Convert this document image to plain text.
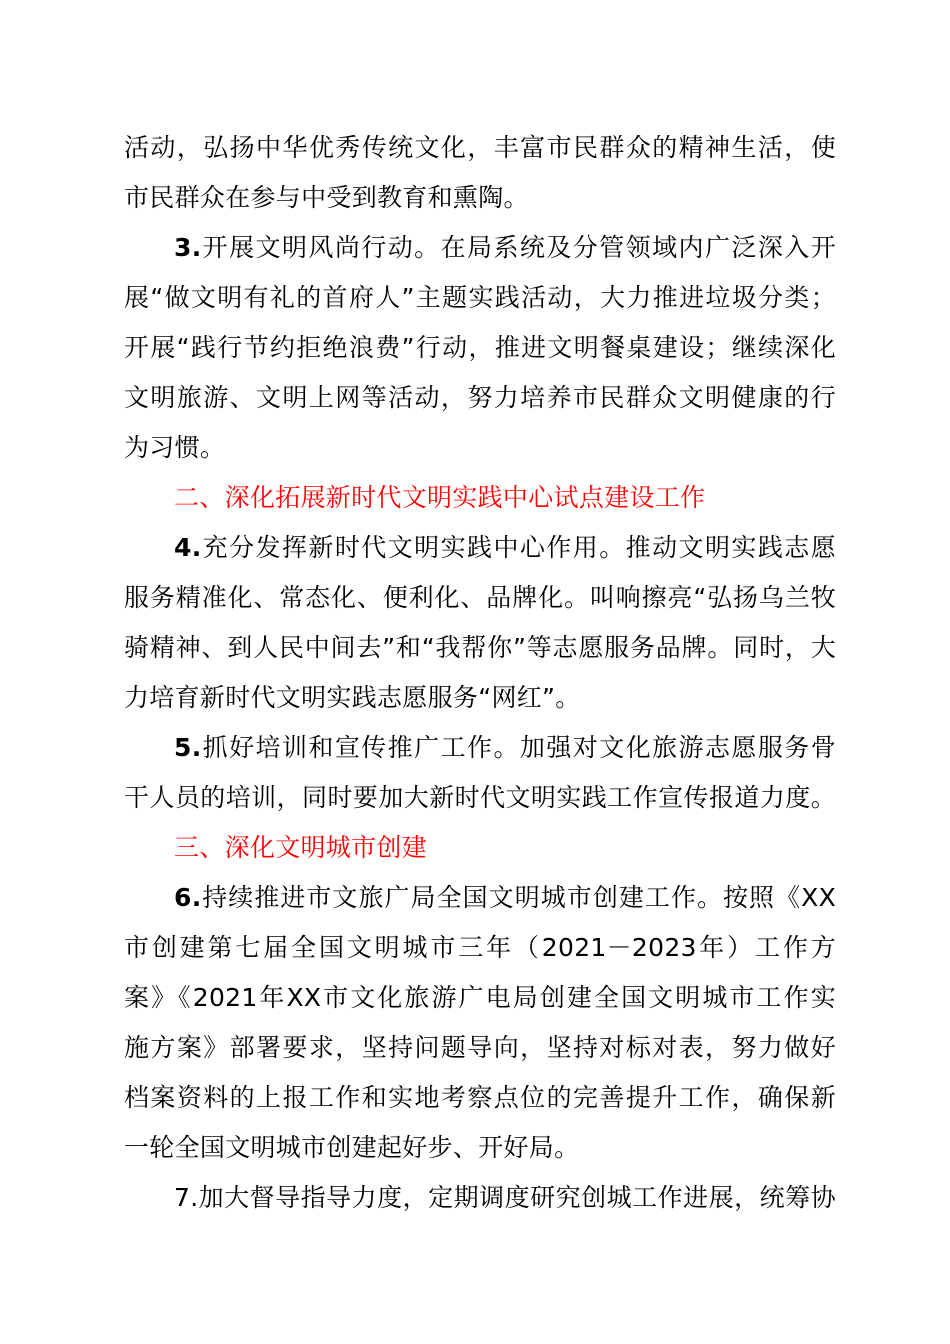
活动，弘扬中华优秀传统文化，丰富市民群众的精神生活，使
市民群众在参与中受到教育和熏陶。
3.开展文明风尚行动。在局系统及分管领域内广泛深入开
展“做文明有礼的首府人”主题实践活动，大力推进垃圾分类；
开展“践行节约拒绝浪费”行动，推进文明餐桌建设；继续深化
文明旅游、文明上网等活动，努力培养市民群众文明健康的行
为习惯。
二、深化拓展新时代文明实践中心试点建设工作
4.充分发挥新时代文明实践中心作用。推动文明实践志愿
服务精准化、常态化、便利化、品牌化。叫响擦亮“弘扬乌兰牧
骑精神、到人民中间去”和“我帮你”等志愿服务品牌。同时，大
力培育新时代文明实践志愿服务“网红”。
5.抓好培训和宣传推广工作。加强对文化旅游志愿服务骨
干人员的培训，同时要加大新时代文明实践工作宣传报道力度。
三、深化文明城市创建
6.持续推进市文旅广局全国文明城市创建工作。按照《XX
市创建第七届全国文明城市三年（2021－2023年）工作方
案》《2021年XX市文化旅游广电局创建全国文明城市工作实
施方案》部署要求，坚持问题导向，坚持对标对表，努力做好
档案资料的上报工作和实地考察点位的完善提升工作，确保新
一轮全国文明城市创建起好步、开好局。
7.加大督导指导力度，定期调度研究创城工作进展，统筹协
